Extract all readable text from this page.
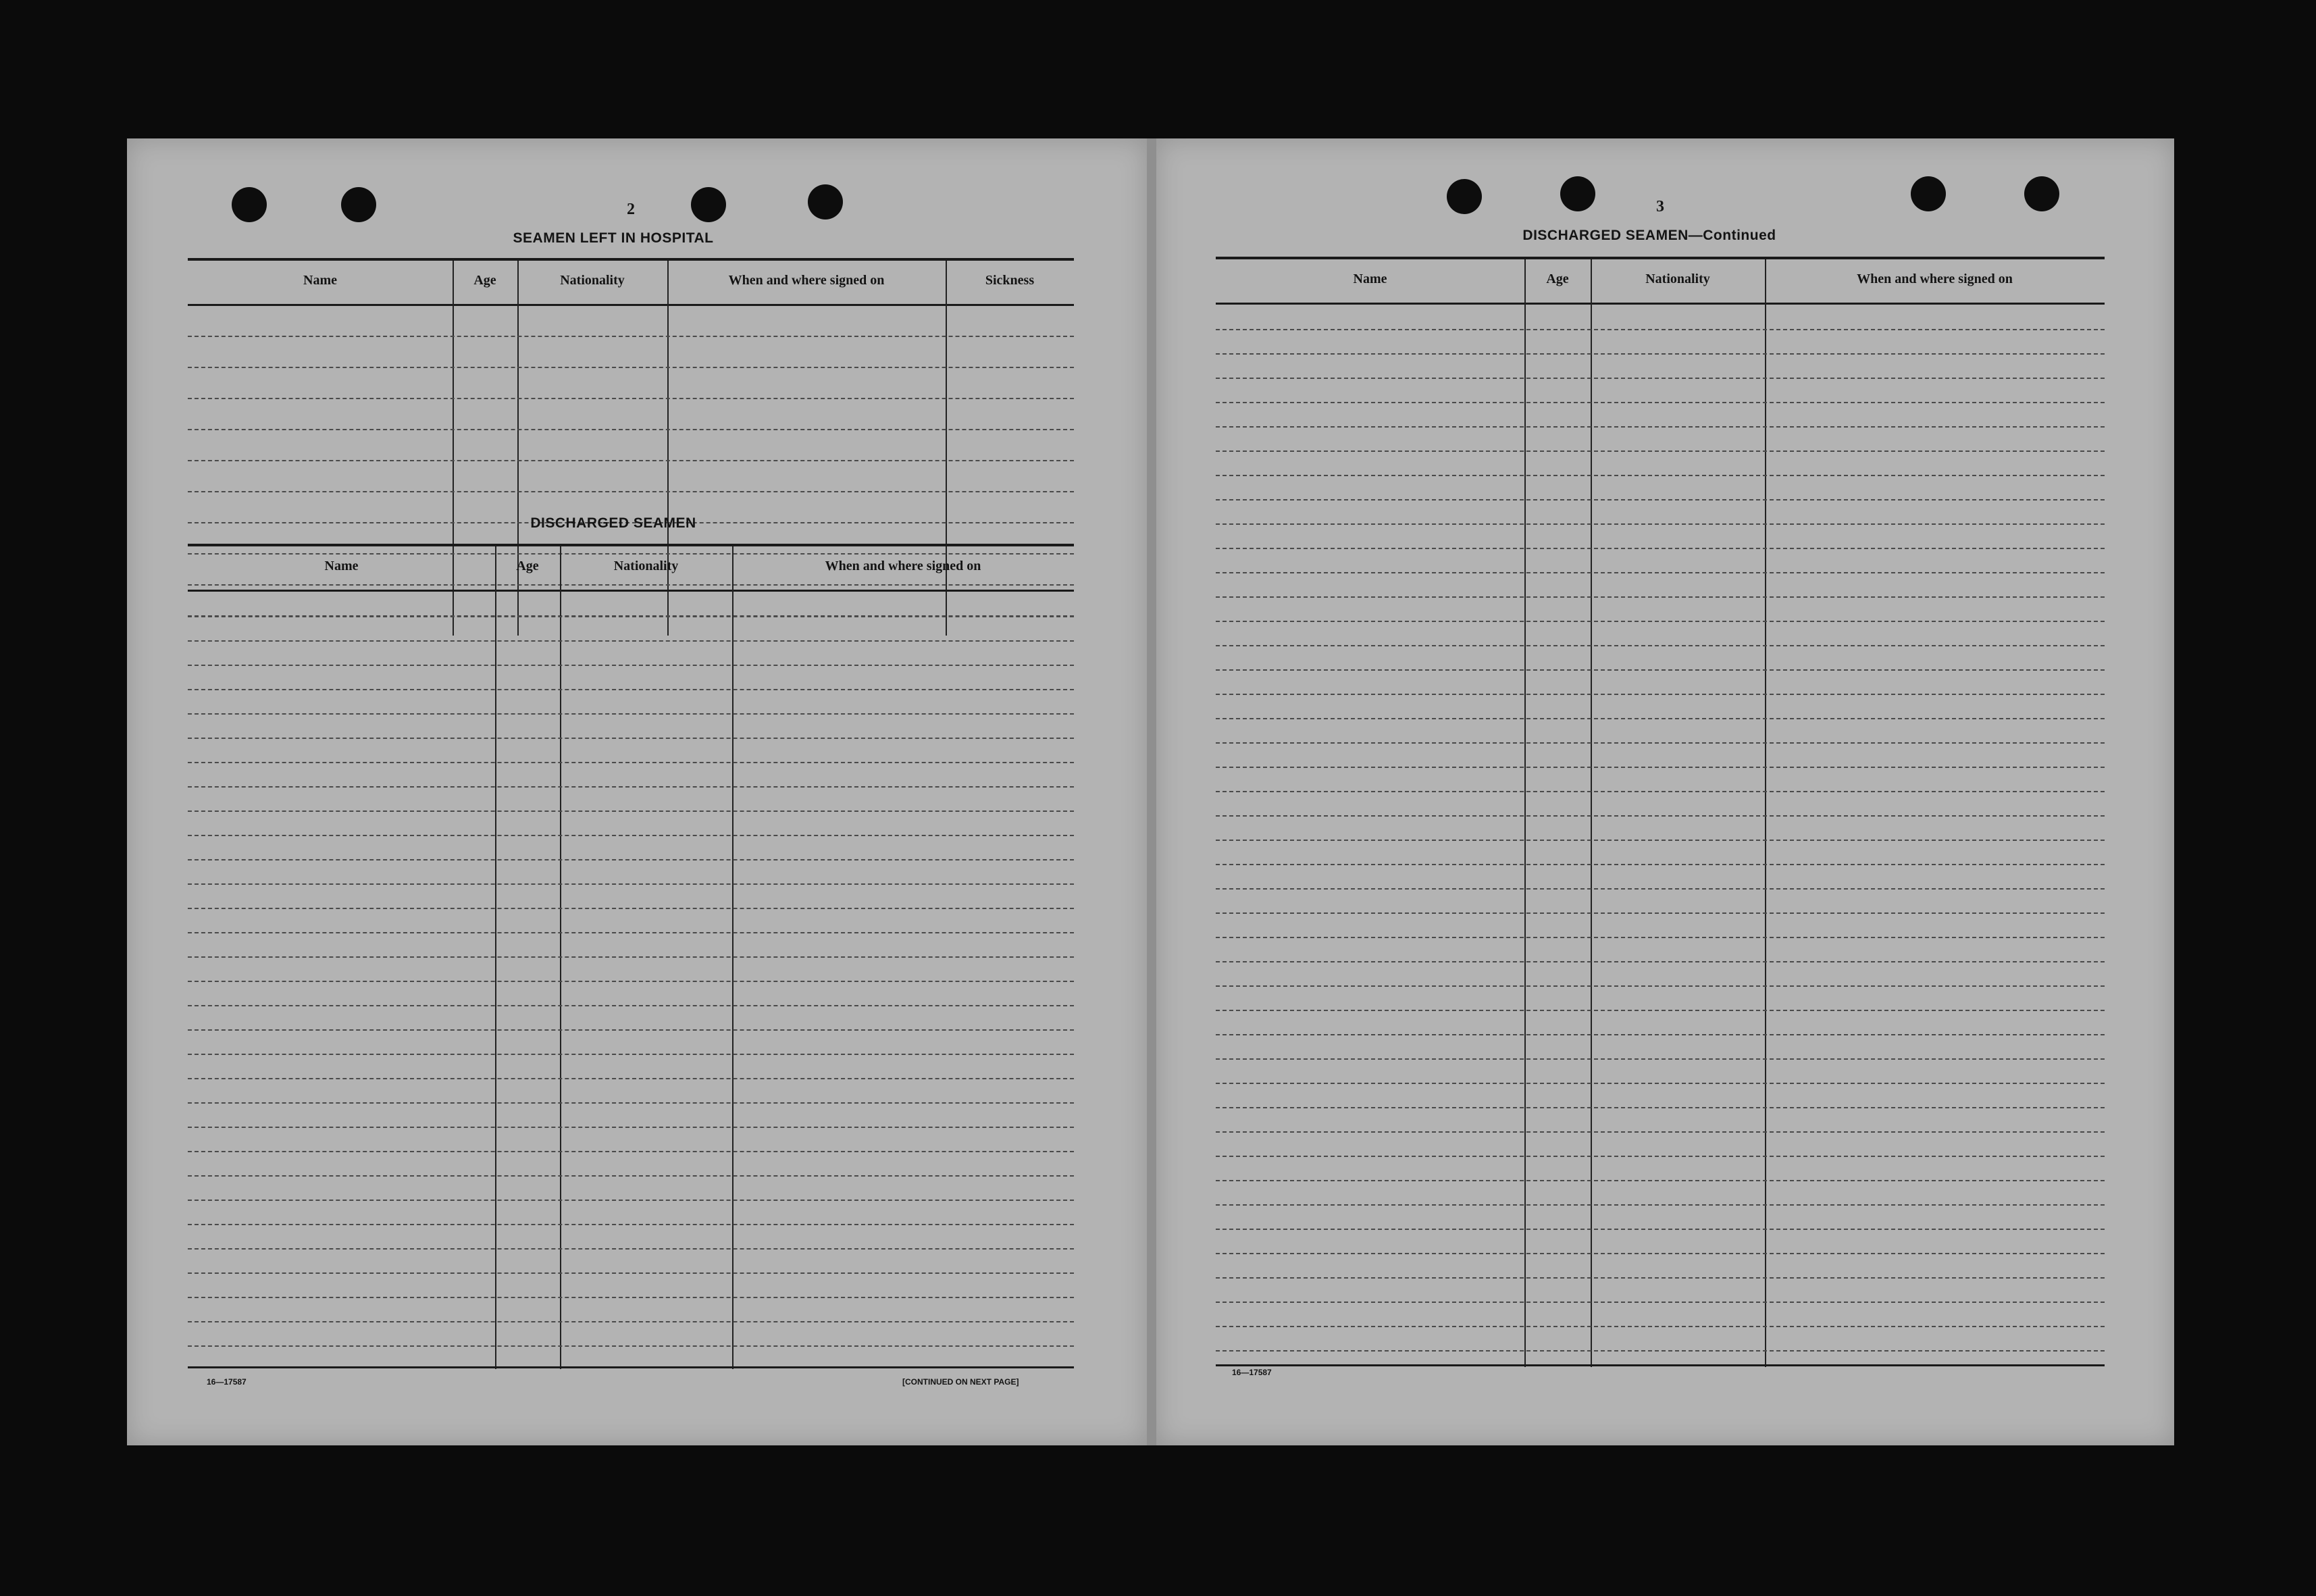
2
SEAMEN LEFT IN HOSPITAL
Name	Age	Nationality	When and where signed on	Sickness
DISCHARGED SEAMEN
Name	Age	Nationality	When and where signed on
16—17587	[CONTINUED ON NEXT PAGE]
3
DISCHARGED SEAMEN—Continued
Name	Age	Nationality	When and where signed on
16—17587
